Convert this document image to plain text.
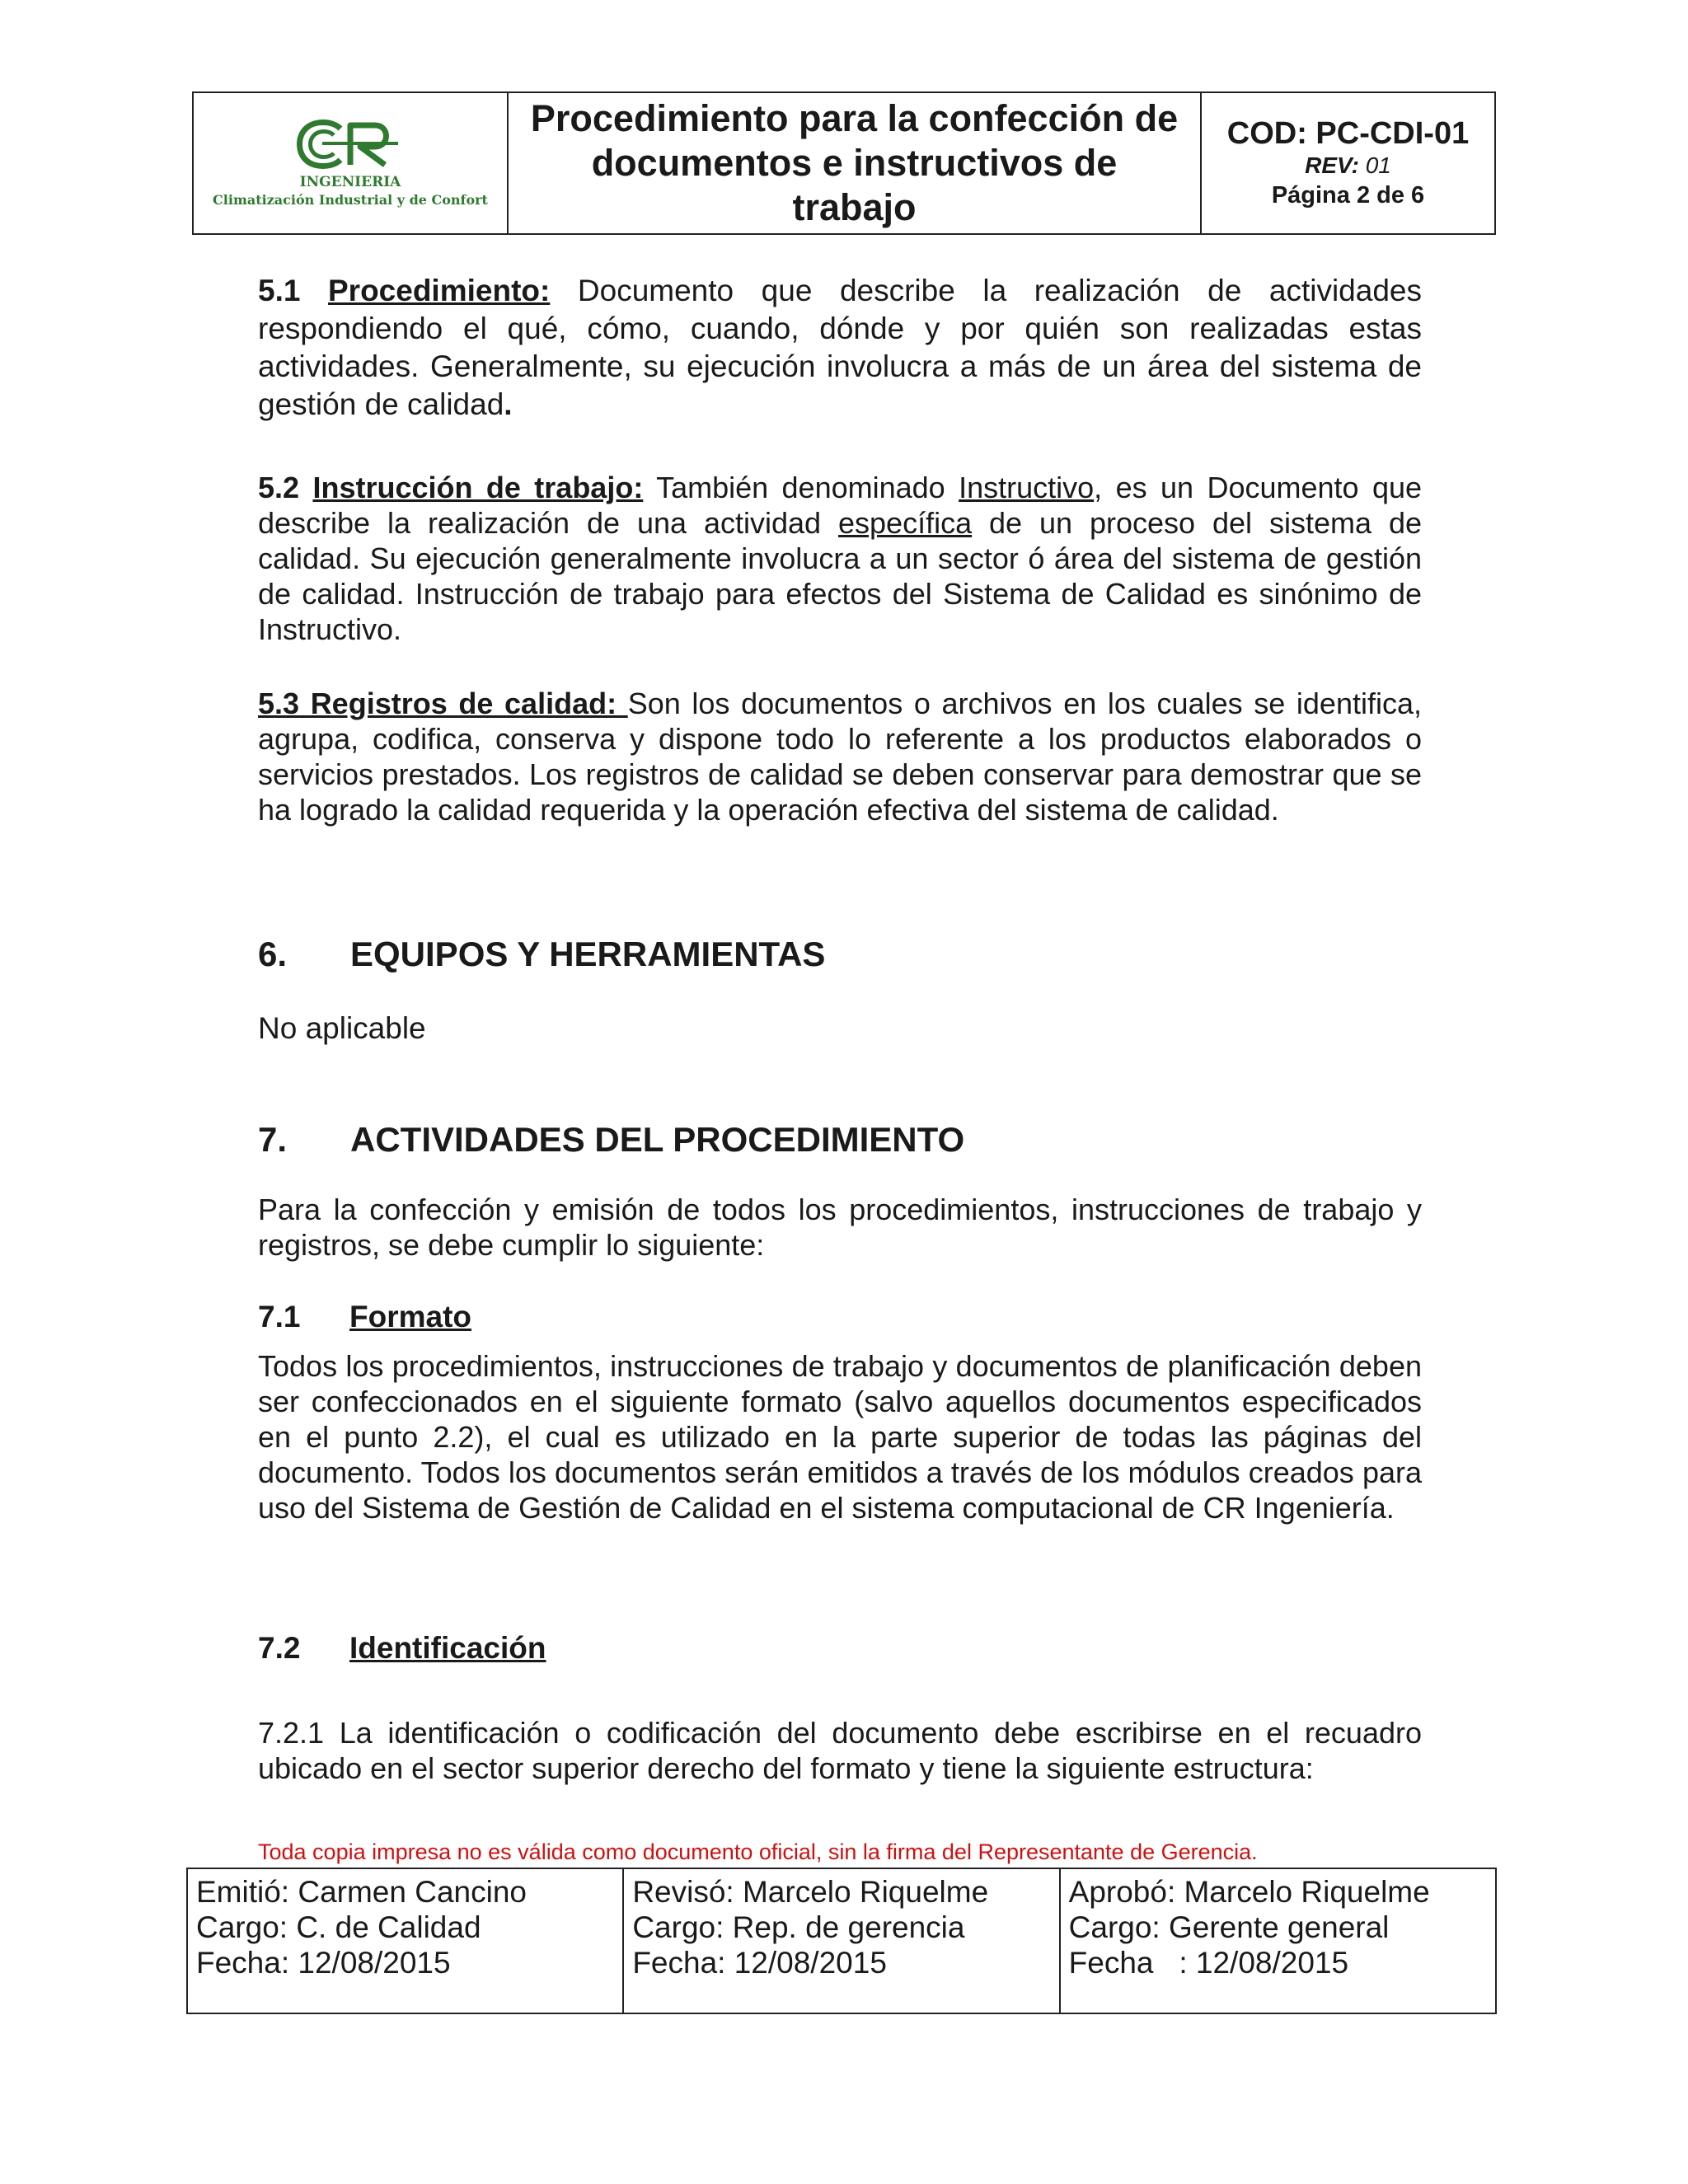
INGENIERIA
Climatización Industrial y de Confort
Procedimiento para la confección de documentos e instructivos de trabajo
COD: PC-CDI-01
REV: 01
Página 2 de 6

5.1 Procedimiento: Documento que describe la realización de actividades respondiendo el qué, cómo, cuando, dónde y por quién son realizadas estas actividades. Generalmente, su ejecución involucra a más de un área del sistema de gestión de calidad.

5.2 Instrucción de trabajo: También denominado Instructivo, es un Documento que describe la realización de una actividad específica de un proceso del sistema de calidad. Su ejecución generalmente involucra a un sector ó área del sistema de gestión de calidad. Instrucción de trabajo para efectos del Sistema de Calidad es sinónimo de Instructivo.

5.3 Registros de calidad: Son los documentos o archivos en los cuales se identifica, agrupa, codifica, conserva y dispone todo lo referente a los productos elaborados o servicios prestados. Los registros de calidad se deben conservar para demostrar que se ha logrado la calidad requerida y la operación efectiva del sistema de calidad.

6.	EQUIPOS Y HERRAMIENTAS

No aplicable

7.	ACTIVIDADES DEL PROCEDIMIENTO

Para la confección y emisión de todos los procedimientos, instrucciones de trabajo y registros, se debe cumplir lo siguiente:

7.1	Formato

Todos los procedimientos, instrucciones de trabajo y documentos de planificación deben ser confeccionados en el siguiente formato (salvo aquellos documentos especificados en el punto 2.2), el cual es utilizado en la parte superior de todas las páginas del documento. Todos los documentos serán emitidos a través de los módulos creados para uso del Sistema de Gestión de Calidad en el sistema computacional de CR Ingeniería.

7.2	Identificación

7.2.1 La identificación o codificación del documento debe escribirse en el recuadro ubicado en el sector superior derecho del formato y tiene la siguiente estructura:

Toda copia impresa no es válida como documento oficial, sin la firma del Representante de Gerencia.
Emitió: Carmen Cancino
Cargo: C. de Calidad
Fecha: 12/08/2015
Revisó: Marcelo Riquelme
Cargo: Rep. de gerencia
Fecha: 12/08/2015
Aprobó: Marcelo Riquelme
Cargo: Gerente general
Fecha   : 12/08/2015
